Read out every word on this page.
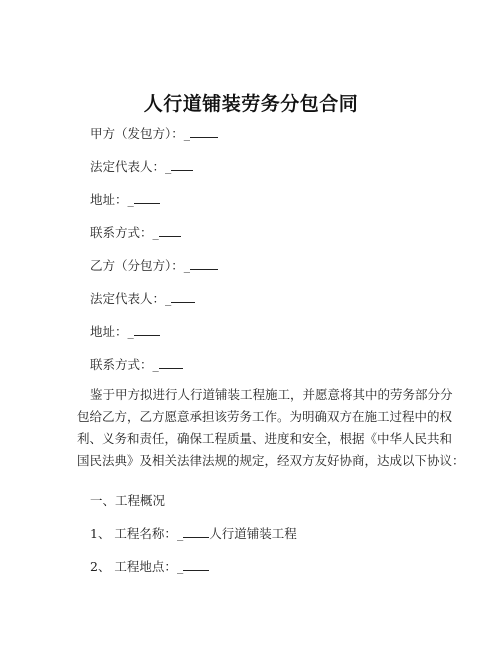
人行道铺装劳务分包合同
甲方（发包方）：_
法定代表人：_
地址：_
联系方式：_
乙方（分包方）：_
法定代表人：_
地址：_
联系方式：_
鉴于甲方拟进行人行道铺装工程施工，并愿意将其中的劳务部分分
包给乙方，乙方愿意承担该劳务工作。为明确双方在施工过程中的权
利、义务和责任，确保工程质量、进度和安全，根据《中华人民共和
国民法典》及相关法律法规的规定，经双方友好协商，达成以下协议：
一、工程概况
1、 工程名称：_ 人行道铺装工程
2、 工程地点：_
